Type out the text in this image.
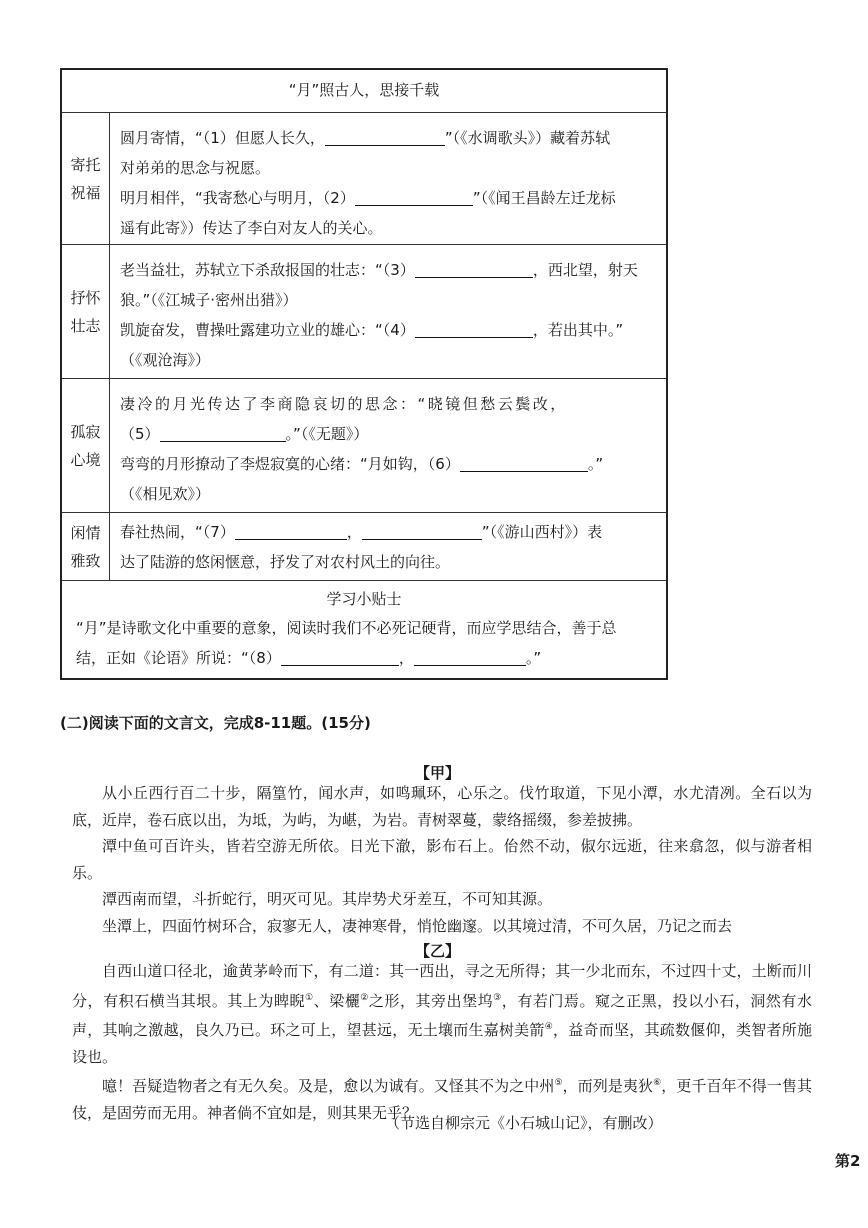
“月”照古人，思接千载
寄托
祝福

圆月寄情，“（1）但愿人长久，	”（《水调歌头》）藏着苏轼

对弟弟的思念与祝愿。

明月相伴，“我寄愁心与明月，（2）	”（《闻王昌龄左迁龙标

遥有此寄》）传达了李白对友人的关心。

抒怀
壮志

老当益壮，苏轼立下杀敌报国的壮志：“（3）	，西北望，射天

狼。”（《江城子·密州出猎》）

凯旋奋发，曹操吐露建功立业的雄心：“（4）	，若出其中。”

（《观沧海》）

孤寂
心境

凄冷的月光传达了李商隐哀切的思念：“晓镜但愁云鬓改，

（5）	。”（《无题》）

弯弯的月形撩动了李煜寂寞的心绪：“月如钩，（6）	。”

（《相见欢》）

闲情
雅致

春社热闹，“（7）	，	”（《游山西村》）表

达了陆游的悠闲惬意，抒发了对农村风土的向往。

学习小贴士
“月”是诗歌文化中重要的意象，阅读时我们不必死记硬背，而应学思结合，善于总
结，正如《论语》所说：“（8）	，	。”
(二)阅读下面的文言文，完成8-11题。(15分)
【甲】

从小丘西行百二十步，隔篁竹，闻水声，如鸣珮环，心乐之。伐竹取道，下见小潭，水尤清冽。全石以为底，近岸，卷石底以出，为坻，为屿，为嵁，为岩。青树翠蔓，蒙络摇缀，参差披拂。

潭中鱼可百许头，皆若空游无所依。日光下澈，影布石上。佁然不动，俶尔远逝，往来翕忽，似与游者相乐。

潭西南而望，斗折蛇行，明灭可见。其岸势犬牙差互，不可知其源。

坐潭上，四面竹树环合，寂寥无人，凄神寒骨，悄怆幽邃。以其境过清，不可久居，乃记之而去

【乙】

自西山道口径北，逾黄茅岭而下，有二道：其一西出，寻之无所得；其一少北而东，不过四十丈，土断而川分，有积石横当其垠。其上为睥睨①、梁欐②之形，其旁出堡坞③，有若门焉。窥之正黑，投以小石，洞然有水声，其响之激越，良久乃已。环之可上，望甚远，无土壤而生嘉树美箭④，益奇而坚，其疏数偃仰，类智者所施设也。

噫！吾疑造物者之有无久矣。及是，愈以为诚有。又怪其不为之中州⑤，而列是夷狄⑥，更千百年不得一售其伎，是固劳而无用。神者倘不宜如是，则其果无乎？

（节选自柳宗元《小石城山记》，有删改）
第2
